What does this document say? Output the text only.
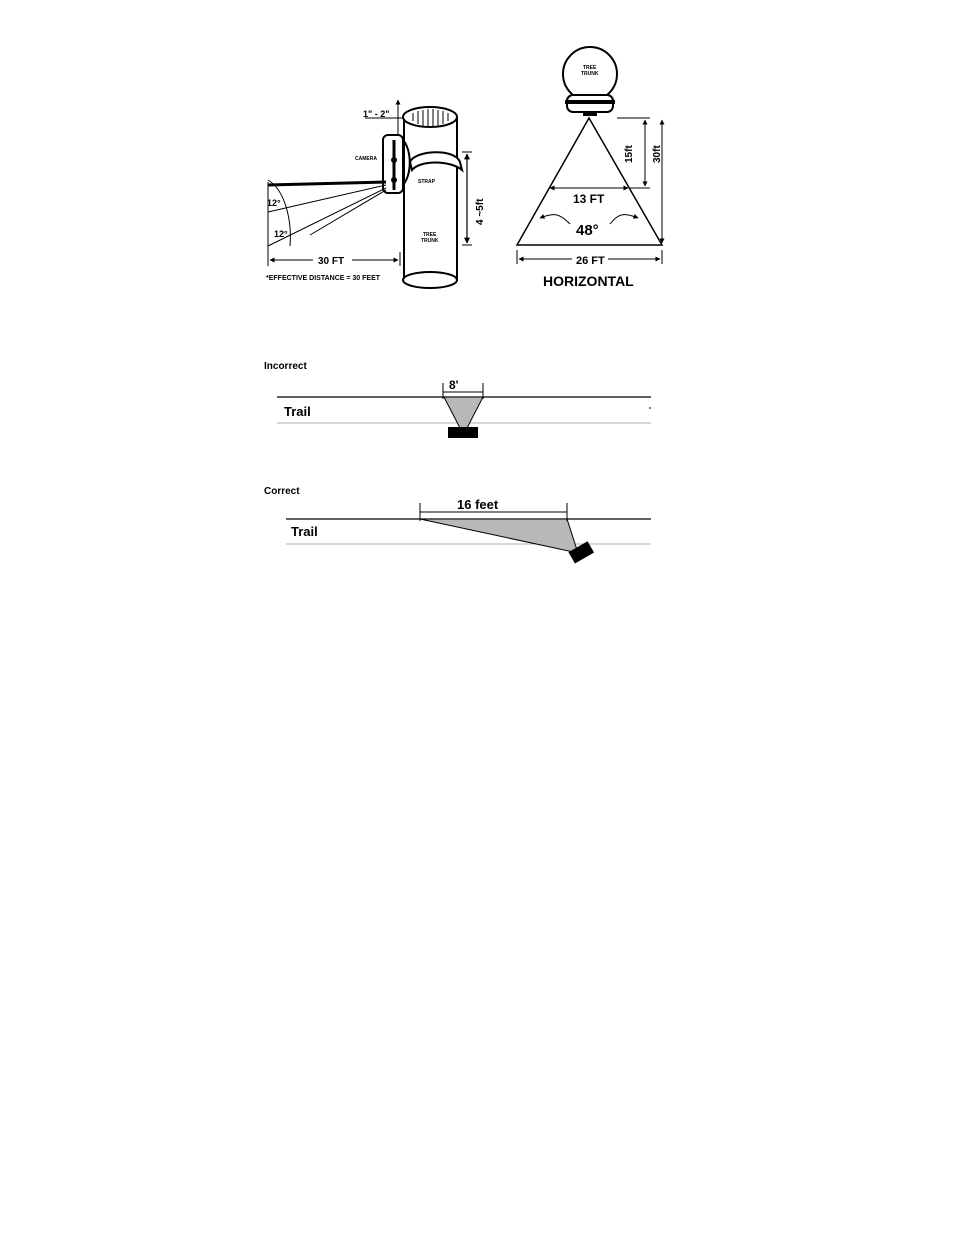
1" - 2"
CAMERA
STRAP
TREE
TRUNK
4 ~5ft
12°
12°
30 FT
*EFFECTIVE DISTANCE = 30 FEET
TREE
TRUNK
13 FT
48°
15ft 30ft
26 FT
HORIZONTAL
Incorrect
8'
Trail
Correct
16 feet
Trail
